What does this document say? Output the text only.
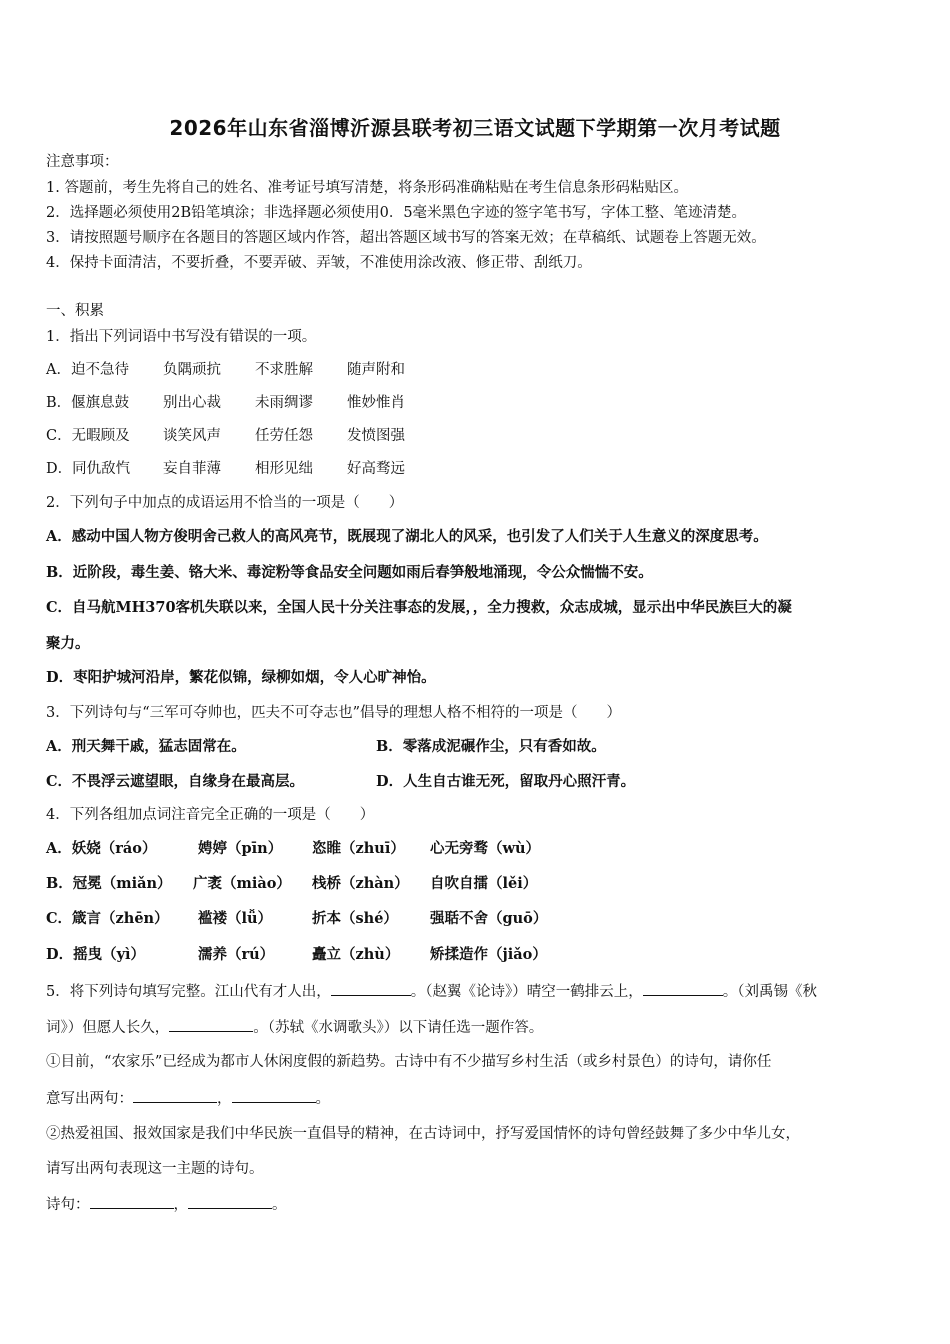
2026年山东省淄博沂源县联考初三语文试题下学期第一次月考试题
注意事项：
1. 答题前，考生先将自己的姓名、准考证号填写清楚，将条形码准确粘贴在考生信息条形码粘贴区。
2．选择题必须使用2B铅笔填涂；非选择题必须使用0．5毫米黑色字迹的签字笔书写，字体工整、笔迹清楚。
3．请按照题号顺序在各题目的答题区域内作答，超出答题区域书写的答案无效；在草稿纸、试题卷上答题无效。
4．保持卡面清洁，不要折叠，不要弄破、弄皱，不准使用涂改液、修正带、刮纸刀。
一、积累
1．指出下列词语中书写没有错误的一项。
A．迫不急待 负隅顽抗 不求胜解 随声附和
B．偃旗息鼓 别出心裁 未雨绸谬 惟妙惟肖
C．无暇顾及 谈笑风声 任劳任怨 发愤图强
D．同仇敌忾 妄自菲薄 相形见绌 好高骛远
2．下列句子中加点的成语运用不恰当的一项是（　　）
A．感动中国人物方俊明舍己救人的高风亮节，既展现了湖北人的风采，也引发了人们关于人生意义的深度思考。
B．近阶段，毒生姜、铬大米、毒淀粉等食品安全问题如雨后春笋般地涌现，令公众惴惴不安。
C．自马航MH370客机失联以来，全国人民十分关注事态的发展，，全力搜救，众志成城，显示出中华民族巨大的凝
聚力。
D．枣阳护城河沿岸，繁花似锦，绿柳如烟，令人心旷神怡。
3．下列诗句与“三军可夺帅也，匹夫不可夺志也”倡导的理想人格不相符的一项是（　　）
A．刑天舞干戚，猛志固常在。	B．零落成泥碾作尘，只有香如故。
C．不畏浮云遮望眼，自缘身在最高层。	D．人生自古谁无死，留取丹心照汗青。
4．下列各组加点词注音完全正确的一项是（　　）
A．妖娆（ráo）	娉婷（pīn） 恣睢（zhuī） 心无旁骛（wù）
B．冠冕（miǎn） 广袤（miào） 栈桥（zhàn） 自吹自擂（lěi）
C．箴言（zhēn） 褴褛（lǚ）	折本（shé） 强聒不舍（guō）
D．摇曳（yì）	濡养（rú）	矗立（zhù） 矫揉造作（jiǎo）
5．将下列诗句填写完整。江山代有才人出，	。（赵翼《论诗》）晴空一鹤排云上，	。（刘禹锡《秋
词》）但愿人长久，	。（苏轼《水调歌头》）以下请任选一题作答。
①目前，“农家乐”已经成为都市人休闲度假的新趋势。古诗中有不少描写乡村生活（或乡村景色）的诗句，请你任
意写出两句：	，	。
②热爱祖国、报效国家是我们中华民族一直倡导的精神，在古诗词中，抒写爱国情怀的诗句曾经鼓舞了多少中华儿女，
请写出两句表现这一主题的诗句。
诗句：	，	。
